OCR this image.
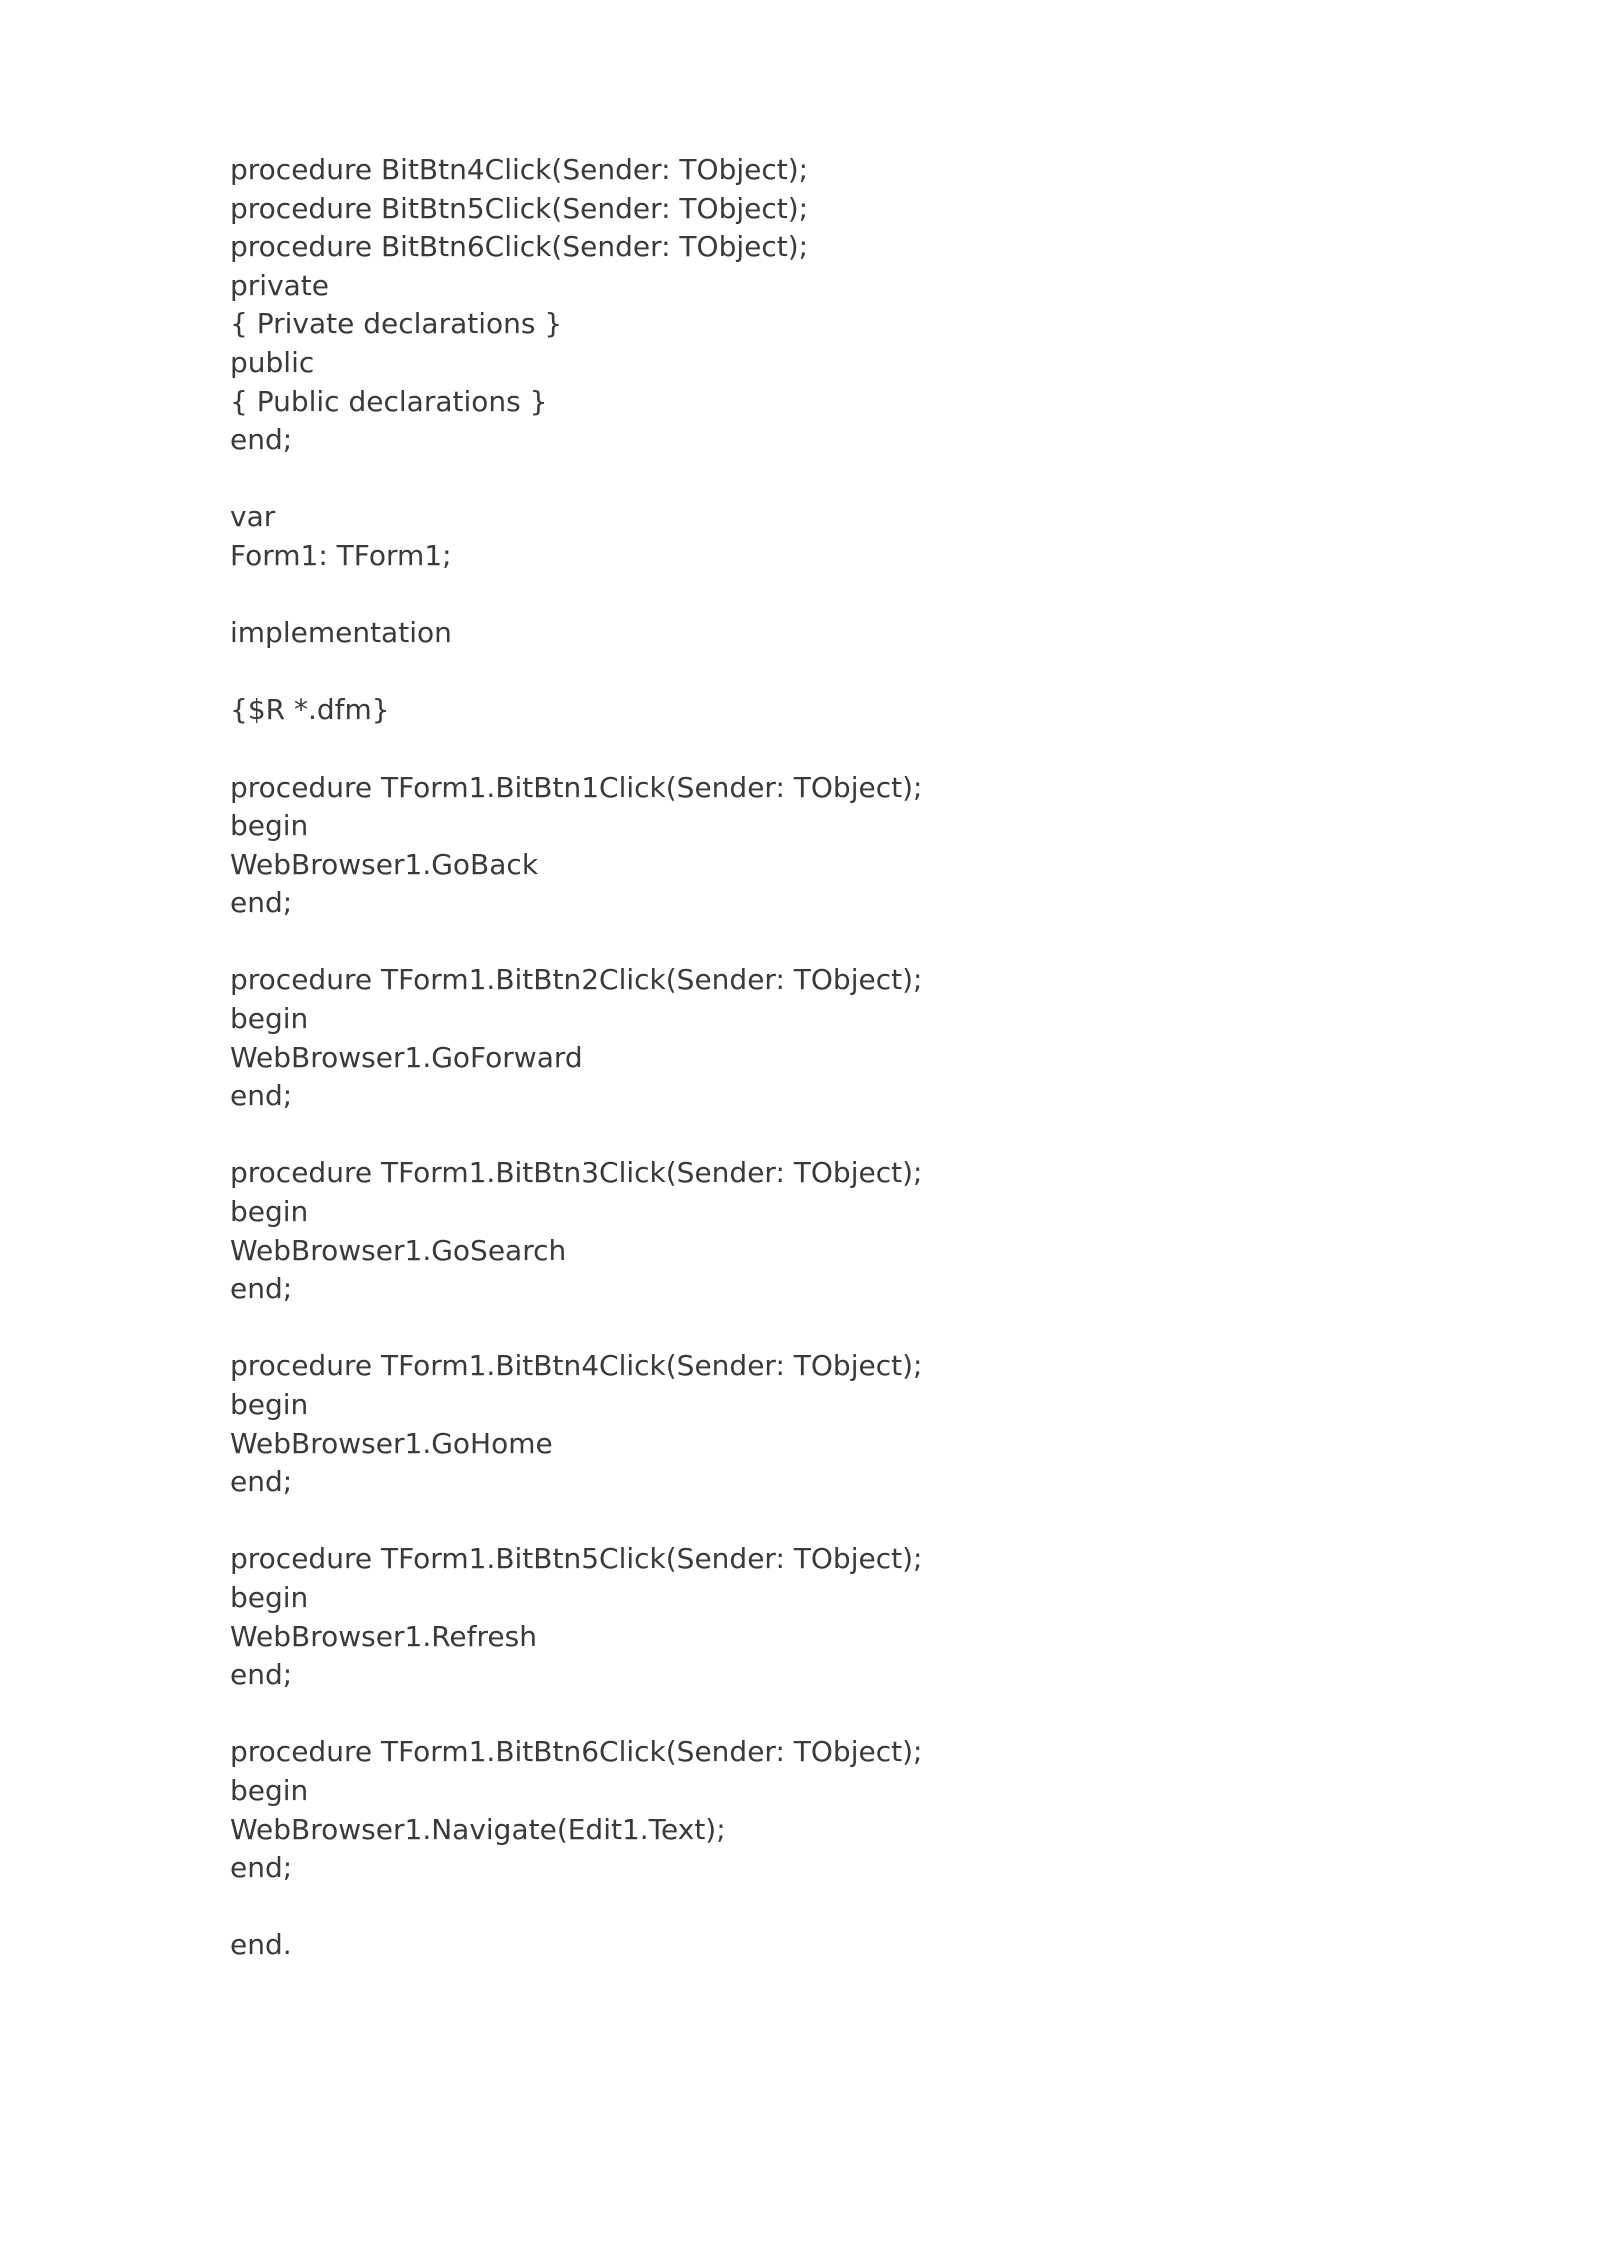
procedure BitBtn4Click(Sender: TObject);
procedure BitBtn5Click(Sender: TObject);
procedure BitBtn6Click(Sender: TObject);
private
{ Private declarations }
public
{ Public declarations }
end;
var
Form1: TForm1;
implementation
{$R *.dfm}
procedure TForm1.BitBtn1Click(Sender: TObject);
begin
WebBrowser1.GoBack
end;
procedure TForm1.BitBtn2Click(Sender: TObject);
begin
WebBrowser1.GoForward
end;
procedure TForm1.BitBtn3Click(Sender: TObject);
begin
WebBrowser1.GoSearch
end;
procedure TForm1.BitBtn4Click(Sender: TObject);
begin
WebBrowser1.GoHome
end;
procedure TForm1.BitBtn5Click(Sender: TObject);
begin
WebBrowser1.Refresh
end;
procedure TForm1.BitBtn6Click(Sender: TObject);
begin
WebBrowser1.Navigate(Edit1.Text);
end;
end.
